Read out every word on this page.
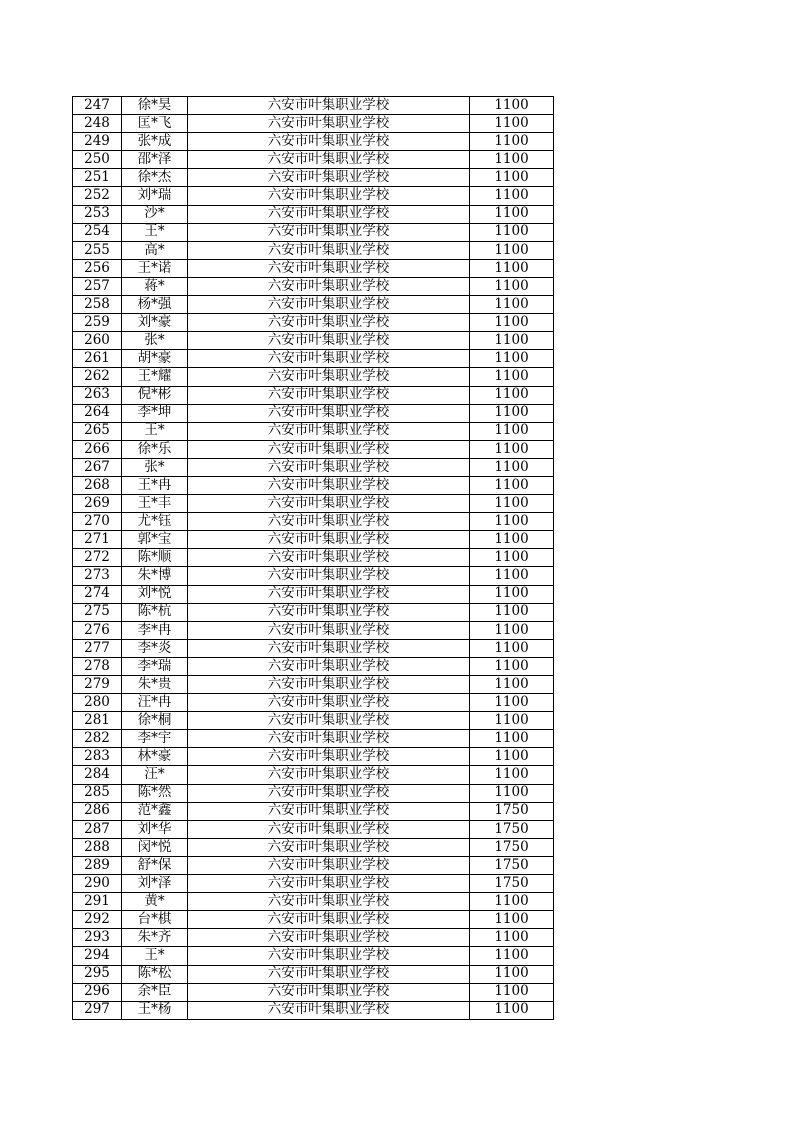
247	徐*昊	六安市叶集职业学校	1100
248	匡*飞	六安市叶集职业学校	1100
249	张*成	六安市叶集职业学校	1100
250	邵*泽	六安市叶集职业学校	1100
251	徐*杰	六安市叶集职业学校	1100
252	刘*瑞	六安市叶集职业学校	1100
253	沙*	六安市叶集职业学校	1100
254	王*	六安市叶集职业学校	1100
255	高*	六安市叶集职业学校	1100
256	王*诺	六安市叶集职业学校	1100
257	蒋*	六安市叶集职业学校	1100
258	杨*强	六安市叶集职业学校	1100
259	刘*豪	六安市叶集职业学校	1100
260	张*	六安市叶集职业学校	1100
261	胡*豪	六安市叶集职业学校	1100
262	王*耀	六安市叶集职业学校	1100
263	倪*彬	六安市叶集职业学校	1100
264	李*坤	六安市叶集职业学校	1100
265	王*	六安市叶集职业学校	1100
266	徐*乐	六安市叶集职业学校	1100
267	张*	六安市叶集职业学校	1100
268	王*冉	六安市叶集职业学校	1100
269	王*丰	六安市叶集职业学校	1100
270	尤*钰	六安市叶集职业学校	1100
271	郭*宝	六安市叶集职业学校	1100
272	陈*顺	六安市叶集职业学校	1100
273	朱*博	六安市叶集职业学校	1100
274	刘*悦	六安市叶集职业学校	1100
275	陈*杭	六安市叶集职业学校	1100
276	李*冉	六安市叶集职业学校	1100
277	李*炎	六安市叶集职业学校	1100
278	李*瑞	六安市叶集职业学校	1100
279	朱*贵	六安市叶集职业学校	1100
280	汪*冉	六安市叶集职业学校	1100
281	徐*桐	六安市叶集职业学校	1100
282	李*宇	六安市叶集职业学校	1100
283	林*豪	六安市叶集职业学校	1100
284	汪*	六安市叶集职业学校	1100
285	陈*然	六安市叶集职业学校	1100
286	范*鑫	六安市叶集职业学校	1750
287	刘*华	六安市叶集职业学校	1750
288	闵*悦	六安市叶集职业学校	1750
289	舒*保	六安市叶集职业学校	1750
290	刘*泽	六安市叶集职业学校	1750
291	黄*	六安市叶集职业学校	1100
292	台*棋	六安市叶集职业学校	1100
293	朱*齐	六安市叶集职业学校	1100
294	王*	六安市叶集职业学校	1100
295	陈*松	六安市叶集职业学校	1100
296	余*臣	六安市叶集职业学校	1100
297	王*杨	六安市叶集职业学校	1100
